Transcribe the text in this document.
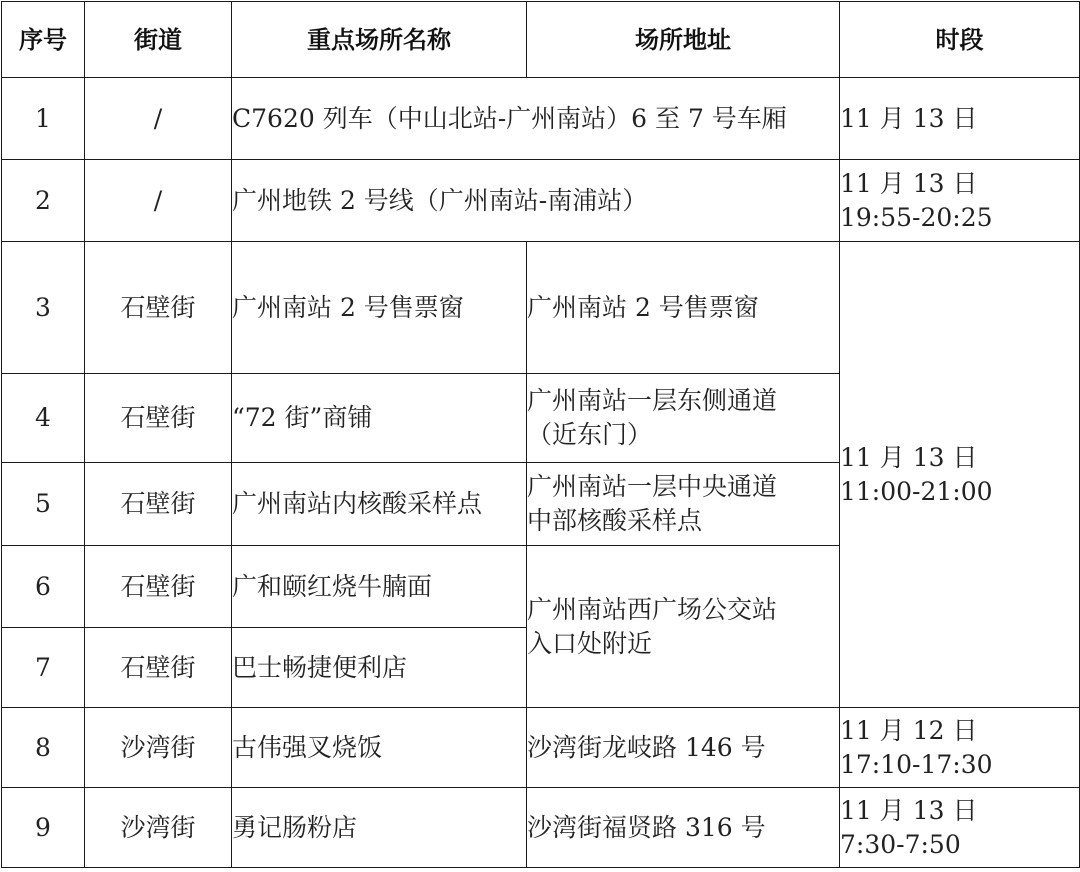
序号	街道	重点场所名称	场所地址	时段
1	/	C7620 列车（中山北站-广州南站）6 至 7 号车厢		11 月 13 日

2	/	广州地铁 2 号线（广州南站-南浦站）		11 月 13 日
19:55-20:25

3	石壁街	广州南站 2 号售票窗	广州南站 2 号售票窗	11 月 13 日
11:00-21:00

4	石壁街	“72 街”商铺	广州南站一层东侧通道
（近东门）	

5	石壁街	广州南站内核酸采样点	广州南站一层中央通道
中部核酸采样点	

6	石壁街	广和颐红烧牛腩面	广州南站西广场公交站
入口处附近	

7	石壁街	巴士畅捷便利店		

8	沙湾街	古伟强叉烧饭	沙湾街龙岐路 146 号	11 月 12 日
17:10-17:30

9	沙湾街	勇记肠粉店	沙湾街福贤路 316 号	11 月 13 日
7:30-7:50
